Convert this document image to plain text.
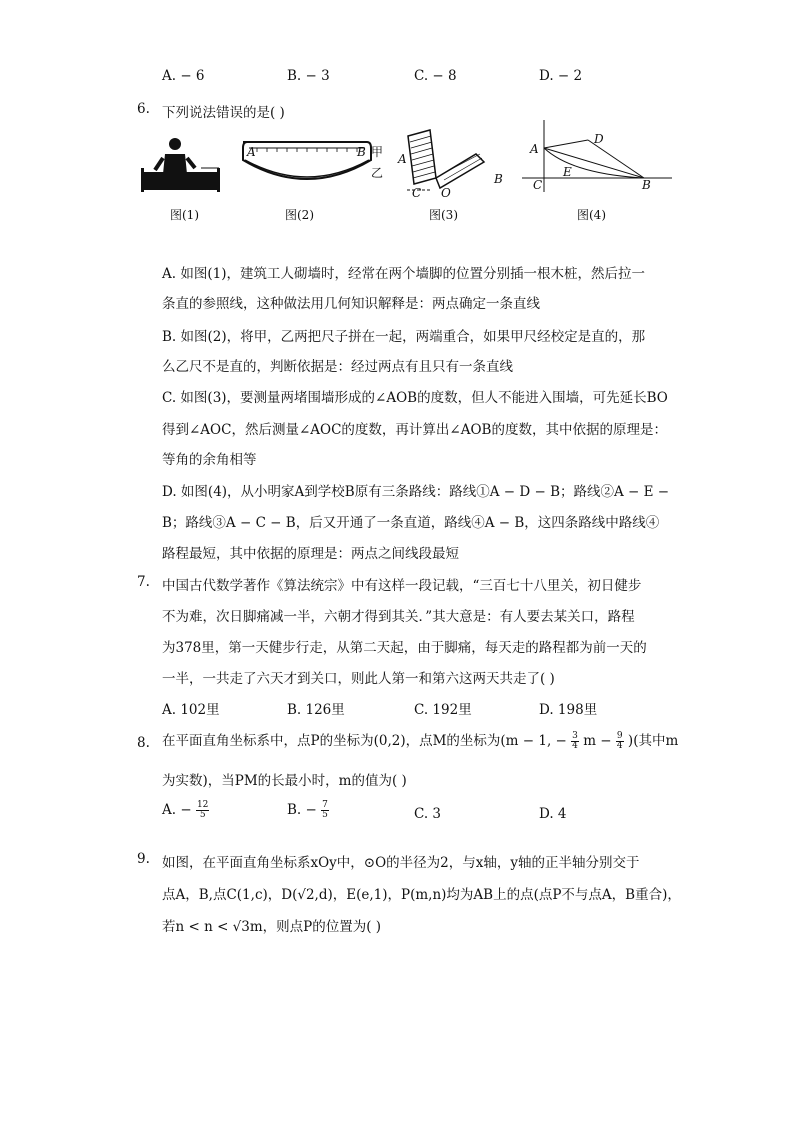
A. − 6	B. − 3	C. − 8	D. − 2
6. 下列说法错误的是( )
A	B 甲
乙
A
B
C O
A
B
C
D
E
图(1)	图(2)	图(3)	图(4)
A. 如图(1)，建筑工人砌墙时，经常在两个墙脚的位置分别插一根木桩，然后拉一
条直的参照线，这种做法用几何知识解释是：两点确定一条直线
B. 如图(2)，将甲，乙两把尺子拼在一起，两端重合，如果甲尺经校定是直的，那
么乙尺不是直的，判断依据是：经过两点有且只有一条直线
C. 如图(3)，要测量两堵围墙形成的∠AOB的度数，但人不能进入围墙，可先延长BO
得到∠AOC，然后测量∠AOC的度数，再计算出∠AOB的度数，其中依据的原理是：
等角的余角相等
D. 如图(4)，从小明家A到学校B原有三条路线：路线①A − D − B；路线②A − E −
B；路线③A − C − B，后又开通了一条直道，路线④A − B，这四条路线中路线④
路程最短，其中依据的原理是：两点之间线段最短
7. 中国古代数学著作《算法统宗》中有这样一段记载，“三百七十八里关，初日健步
不为难，次日脚痛减一半，六朝才得到其关．”其大意是：有人要去某关口，路程
为378里，第一天健步行走，从第二天起，由于脚痛，每天走的路程都为前一天的
一半，一共走了六天才到关口，则此人第一和第六这两天共走了( )
A. 102里	B. 126里	C. 192里	D. 198里
8. 在平面直角坐标系中，点P的坐标为(0,2)，点M的坐标为(m − 1, − $\frac{3}{4}$ $m - \frac{9}{4}$ )(其中m
为实数)，当PM的长最小时，m的值为( )
A. − $\frac{12}{5}$	B. − $\frac{7}{5}$	C. 3	D. 4
9. 如图，在平面直角坐标系xOy中，⊙O的半径为2，与x轴，y轴的正半轴分别交于
点A，B,点C(1,c)，D(√2,d)，E(e,1)，P(m,n)均为AB上的点(点P不与点A，B重合)，
若n < n < √3m，则点P的位置为( )
